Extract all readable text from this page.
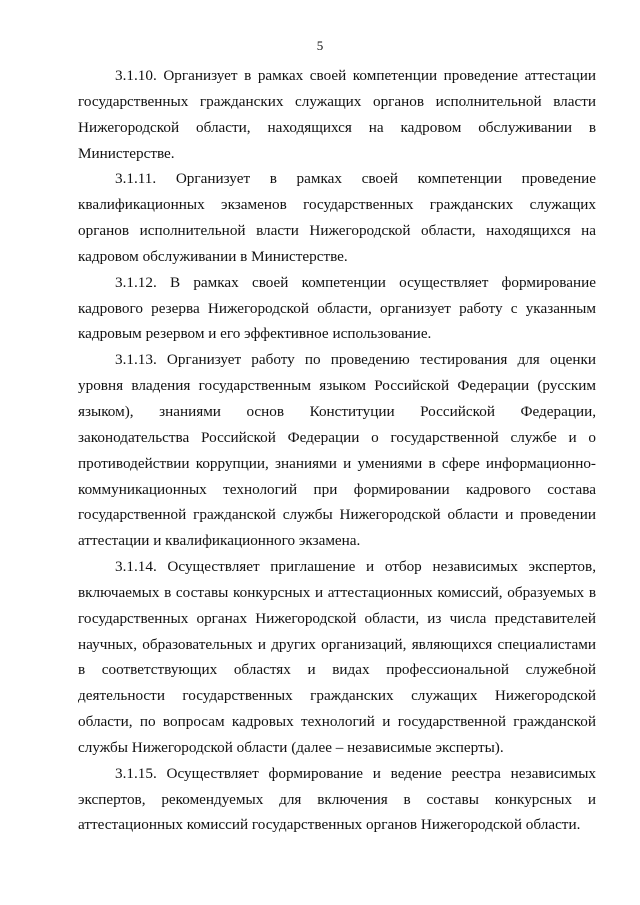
5

3.1.10. Организует в рамках своей компетенции проведение аттестации государственных гражданских служащих органов исполнительной власти Нижегородской области, находящихся на кадровом обслуживании в Министерстве.

3.1.11. Организует в рамках своей компетенции проведение квалификационных экзаменов государственных гражданских служащих органов исполнительной власти Нижегородской области, находящихся на кадровом обслуживании в Министерстве.

3.1.12. В рамках своей компетенции осуществляет формирование кадрового резерва Нижегородской области, организует работу с указанным кадровым резервом и его эффективное использование.

3.1.13. Организует работу по проведению тестирования для оценки уровня владения государственным языком Российской Федерации (русским языком), знаниями основ Конституции Российской Федерации, законодательства Российской Федерации о государственной службе и о противодействии коррупции, знаниями и умениями в сфере информационно-коммуникационных технологий при формировании кадрового состава государственной гражданской службы Нижегородской области и проведении аттестации и квалификационного экзамена.

3.1.14. Осуществляет приглашение и отбор независимых экспертов, включаемых в составы конкурсных и аттестационных комиссий, образуемых в государственных органах Нижегородской области, из числа представителей научных, образовательных и других организаций, являющихся специалистами в соответствующих областях и видах профессиональной служебной деятельности государственных гражданских служащих Нижегородской области, по вопросам кадровых технологий и государственной гражданской службы Нижегородской области (далее – независимые эксперты).

3.1.15. Осуществляет формирование и ведение реестра независимых экспертов, рекомендуемых для включения в составы конкурсных и аттестационных комиссий государственных органов Нижегородской области.
